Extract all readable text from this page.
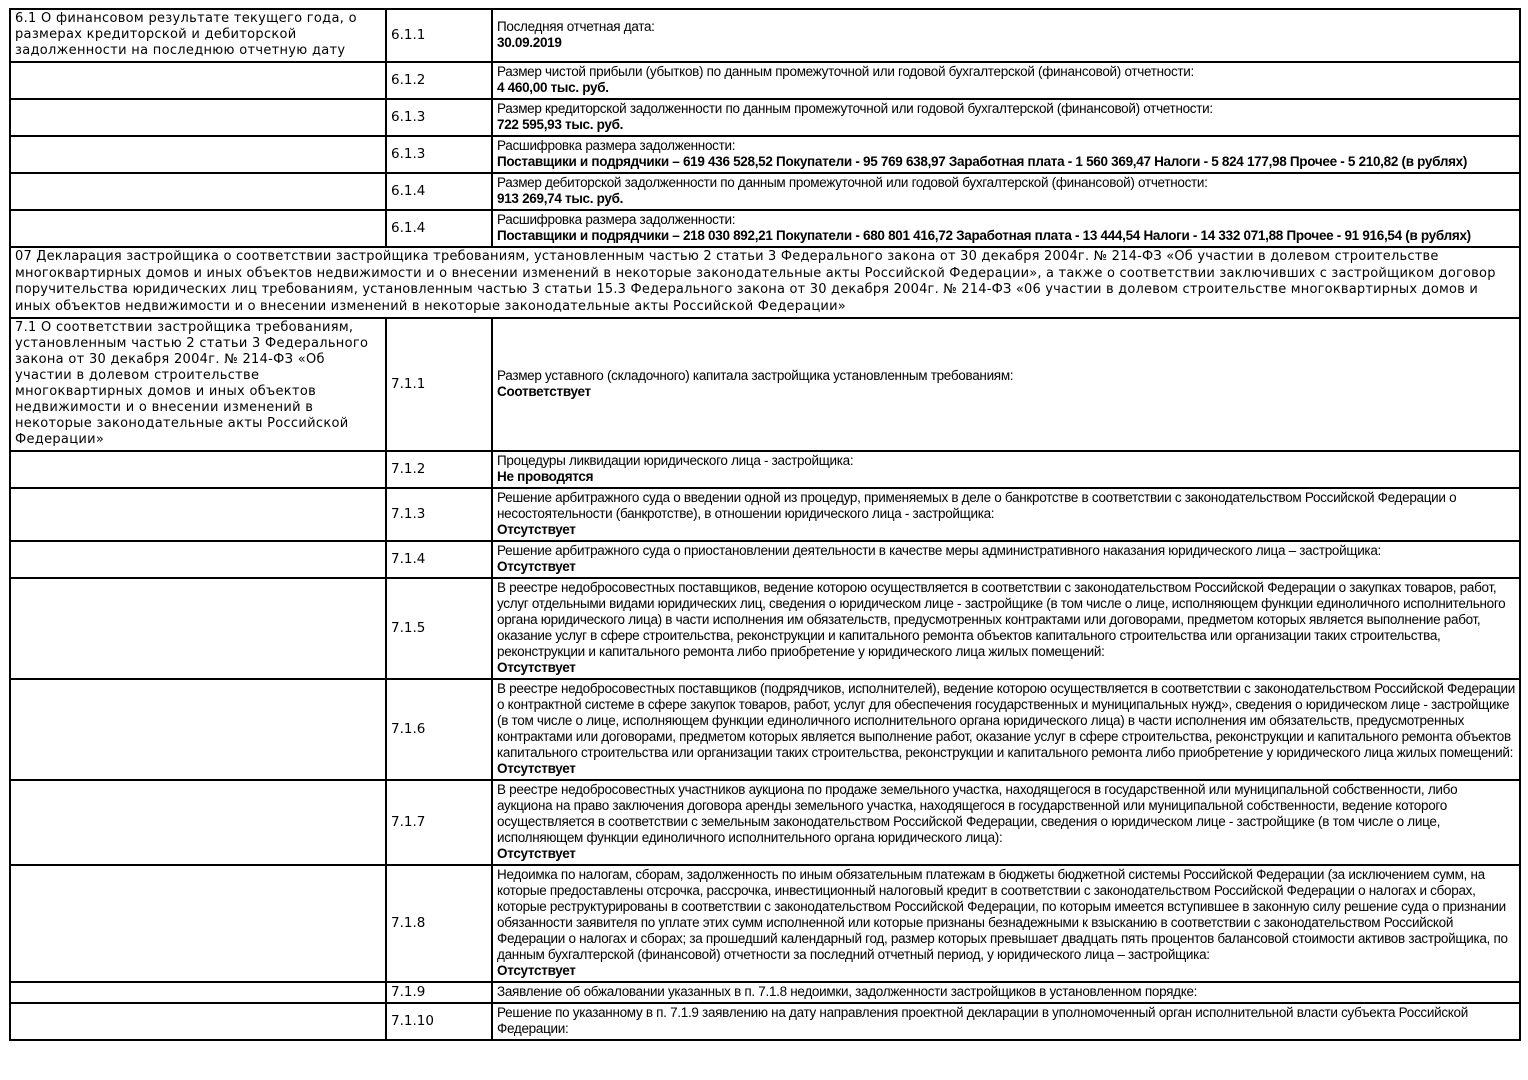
6.1 О финансовом результате текущего года, о размерах кредиторской и дебиторской задолженности на последнюю отчетную дату	6.1.1	Последняя отчетная дата:
30.09.2019

	6.1.2	Размер чистой прибыли (убытков) по данным промежуточной или годовой бухгалтерской (финансовой) отчетности:
4 460,00 тыс. руб.

	6.1.3	Размер кредиторской задолженности по данным промежуточной или годовой бухгалтерской (финансовой) отчетности:
722 595,93 тыс. руб.

	6.1.3	Расшифровка размера задолженности:
Поставщики и подрядчики – 619 436 528,52 Покупатели - 95 769 638,97 Заработная плата - 1 560 369,47 Налоги - 5 824 177,98 Прочее - 5 210,82 (в рублях)

	6.1.4	Размер дебиторской задолженности по данным промежуточной или годовой бухгалтерской (финансовой) отчетности:
913 269,74 тыс. руб.

	6.1.4	Расшифровка размера задолженности:
Поставщики и подрядчики – 218 030 892,21 Покупатели - 680 801 416,72 Заработная плата - 13 444,54 Налоги - 14 332 071,88 Прочее - 91 916,54 (в рублях)

07 Декларация застройщика о соответствии застройщика требованиям, установленным частью 2 статьи 3 Федерального закона от 30 декабря 2004г. № 214-ФЗ «Об участии в долевом строительстве многоквартирных домов и иных объектов недвижимости и о внесении изменений в некоторые законодательные акты Российской Федерации», а также о соответствии заключивших с застройщиком договор поручительства юридических лиц требованиям, установленным частью 3 статьи 15.3 Федерального закона от 30 декабря 2004г. № 214-ФЗ «06 участии в долевом строительстве многоквартирных домов и иных объектов недвижимости и о внесении изменений в некоторые законодательные акты Российской Федерации»		
7.1 О соответствии застройщика требованиям, установленным частью 2 статьи 3 Федерального закона от 30 декабря 2004г. № 214-ФЗ «Об участии в долевом строительстве многоквартирных домов и иных объектов недвижимости и о внесении изменений в некоторые законодательные акты Российской Федерации»	7.1.1	Размер уставного (складочного) капитала застройщика установленным требованиям:
Соответствует

	7.1.2	Процедуры ликвидации юридического лица - застройщика:
Не проводятся

	7.1.3	Решение арбитражного суда о введении одной из процедур, применяемых в деле о банкротстве в соответствии с законодательством Российской Федерации о несостоятельности (банкротстве), в отношении юридического лица - застройщика:
Отсутствует

	7.1.4	Решение арбитражного суда о приостановлении деятельности в качестве меры административного наказания юридического лица – застройщика:
Отсутствует

	7.1.5	В реестре недобросовестных поставщиков, ведение которою осуществляется в соответствии с законодательством Российской Федерации о закупках товаров, работ, услуг отдельными видами юридических лиц, сведения о юридическом лице - застройщике (в том числе о лице, исполняющем функции единоличного исполнительного органа юридического лица) в части исполнения им обязательств, предусмотренных контрактами или договорами, предметом которых является выполнение работ, оказание услуг в сфере строительства, реконструкции и капитального ремонта объектов капитального строительства или организации таких строительства, реконструкции и капитального ремонта либо приобретение у юридического лица жилых помещений:
Отсутствует

	7.1.6	В реестре недобросовестных поставщиков (подрядчиков, исполнителей), ведение которою осуществляется в соответствии с законодательством Российской Федерации о контрактной системе в сфере закупок товаров, работ, услуг для обеспечения государственных и муниципальных нужд», сведения о юридическом лице - застройщике (в том числе о лице, исполняющем функции единоличного исполнительного органа юридического лица) в части исполнения им обязательств, предусмотренных контрактами или договорами, предметом которых является выполнение работ, оказание услуг в сфере строительства, реконструкции и капитального ремонта объектов капитального строительства или организации таких строительства, реконструкции и капитального ремонта либо приобретение у юридического лица жилых помещений:
Отсутствует

	7.1.7	В реестре недобросовестных участников аукциона по продаже земельного участка, находящегося в государственной или муниципальной собственности, либо аукциона на право заключения договора аренды земельного участка, находящегося в государственной или муниципальной собственности, ведение которого осуществляется в соответствии с земельным законодательством Российской Федерации, сведения о юридическом лице - застройщике (в том числе о лице, исполняющем функции единоличного исполнительного органа юридического лица):
Отсутствует

	7.1.8	Недоимка по налогам, сборам, задолженность по иным обязательным платежам в бюджеты бюджетной системы Российской Федерации (за исключением сумм, на которые предоставлены отсрочка, рассрочка, инвестиционный налоговый кредит в соответствии с законодательством Российской Федерации о налогах и сборах, которые реструктурированы в соответствии с законодательством Российской Федерации, по которым имеется вступившее в законную силу решение суда о признании обязанности заявителя по уплате этих сумм исполненной или которые признаны безнадежными к взысканию в соответствии с законодательством Российской Федерации о налогах и сборах; за прошедший календарный год, размер которых превышает двадцать пять процентов балансовой стоимости активов застройщика, по данным бухгалтерской (финансовой) отчетности за последний отчетный период, у юридического лица – застройщика:
Отсутствует

	7.1.9	Заявление об обжаловании указанных в п. 7.1.8 недоимки, задолженности застройщиков в установленном порядке:

	7.1.10	Решение по указанному в п. 7.1.9 заявлению на дату направления проектной декларации в уполномоченный орган исполнительной власти субъекта Российской Федерации:
